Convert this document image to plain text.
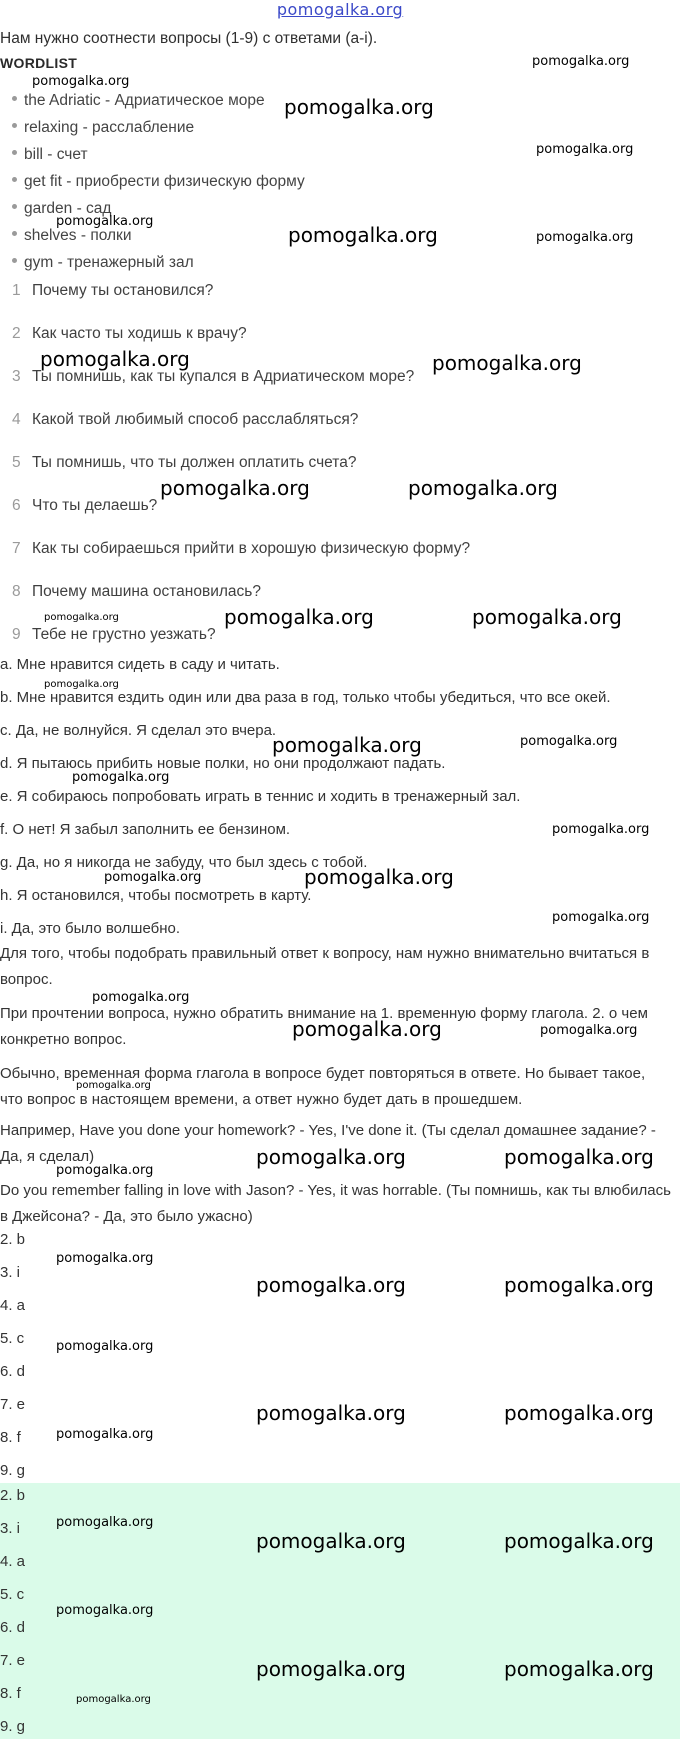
pomogalka.org
Нам нужно соотнести вопросы (1-9) с ответами (a-i).
WORDLIST
the Adriatic - Адриатическое море
relaxing - расслабление
bill - счет
get fit - приобрести физическую форму
garden - сад
shelves - полки
gym - тренажерный зал
1 Почему ты остановился?
2 Как часто ты ходишь к врачу?
3 Ты помнишь, как ты купался в Адриатическом море?
4 Какой твой любимый способ расслабляться?
5 Ты помнишь, что ты должен оплатить счета?
6 Что ты делаешь?
7 Как ты собираешься прийти в хорошую физическую форму?
8 Почему машина остановилась?
9 Тебе не грустно уезжать?
a. Мне нравится сидеть в саду и читать.
b. Мне нравится ездить один или два раза в год, только чтобы убедиться, что все окей.
c. Да, не волнуйся. Я сделал это вчера.
d. Я пытаюсь прибить новые полки, но они продолжают падать.
e. Я собираюсь попробовать играть в теннис и ходить в тренажерный зал.
f. О нет! Я забыл заполнить ее бензином.
g. Да, но я никогда не забуду, что был здесь с тобой.
h. Я остановился, чтобы посмотреть в карту.
i. Да, это было волшебно.
Для того, чтобы подобрать правильный ответ к вопросу, нам нужно внимательно вчитаться в вопрос.
При прочтении вопроса, нужно обратить внимание на 1. временную форму глагола. 2. о чем конкретно вопрос.
Обычно, временная форма глагола в вопросе будет повторяться в ответе. Но бывает такое, что вопрос в настоящем времени, а ответ нужно будет дать в прошедшем.
Например, Have you done your homework? - Yes, I've done it. (Ты сделал домашнее задание? - Да, я сделал)
Do you remember falling in love with Jason? - Yes, it was horrable. (Ты помнишь, как ты влюбилась в Джейсона? - Да, это было ужасно)
2. b
3. i
4. a
5. c
6. d
7. e
8. f
9. g
2. b
3. i
4. a
5. c
6. d
7. e
8. f
9. g
pomogalka.org
pomogalka.org
pomogalka.org
pomogalka.org
pomogalka.org
pomogalka.org	pomogalka.org
pomogalka.org	pomogalka.org
pomogalka.org	pomogalka.org
pomogalka.org	pomogalka.org	pomogalka.org
pomogalka.org
pomogalka.org	pomogalka.org
pomogalka.org
pomogalka.org
pomogalka.org	pomogalka.org
pomogalka.org
pomogalka.org
pomogalka.org	pomogalka.org
pomogalka.org
pomogalka.org	pomogalka.org
pomogalka.org
pomogalka.org
pomogalka.org	pomogalka.org
pomogalka.org
pomogalka.org	pomogalka.org
pomogalka.org
pomogalka.org
pomogalka.org	pomogalka.org
pomogalka.org
pomogalka.org	pomogalka.org
pomogalka.org
